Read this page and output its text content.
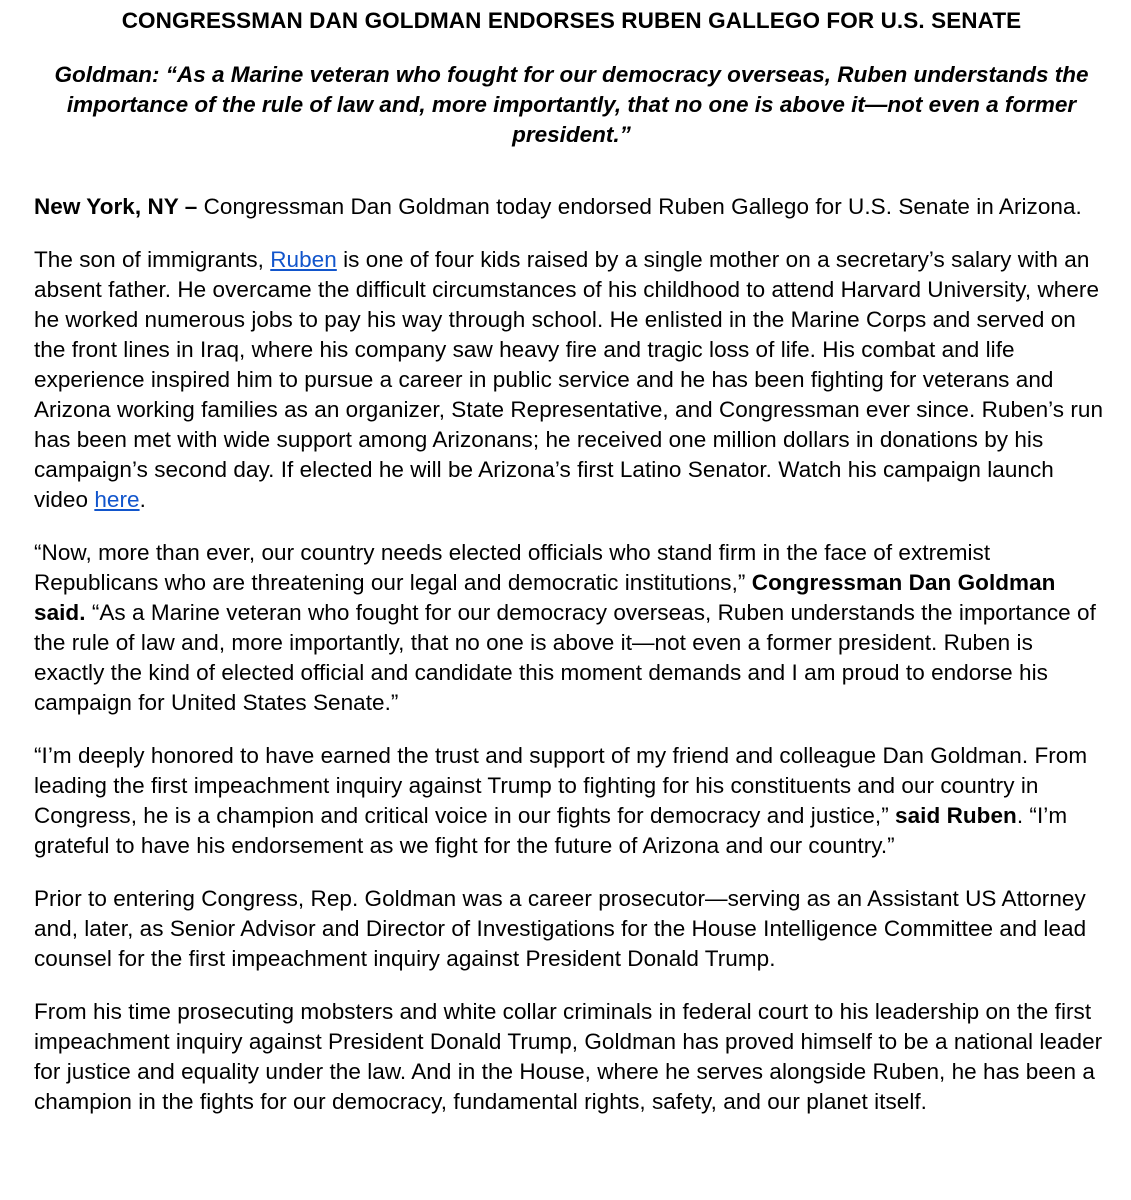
CONGRESSMAN DAN GOLDMAN ENDORSES RUBEN GALLEGO FOR U.S. SENATE

Goldman: “As a Marine veteran who fought for our democracy overseas, Ruben understands the importance of the rule of law and, more importantly, that no one is above it—not even a former president.”

New York, NY – Congressman Dan Goldman today endorsed Ruben Gallego for U.S. Senate in Arizona.

The son of immigrants, Ruben is one of four kids raised by a single mother on a secretary’s salary with an absent father. He overcame the difficult circumstances of his childhood to attend Harvard University, where he worked numerous jobs to pay his way through school. He enlisted in the Marine Corps and served on the front lines in Iraq, where his company saw heavy fire and tragic loss of life. His combat and life experience inspired him to pursue a career in public service and he has been fighting for veterans and Arizona working families as an organizer, State Representative, and Congressman ever since. Ruben’s run has been met with wide support among Arizonans; he received one million dollars in donations by his campaign’s second day. If elected he will be Arizona’s first Latino Senator. Watch his campaign launch video here.

“Now, more than ever, our country needs elected officials who stand firm in the face of extremist Republicans who are threatening our legal and democratic institutions,” Congressman Dan Goldman said. “As a Marine veteran who fought for our democracy overseas, Ruben understands the importance of the rule of law and, more importantly, that no one is above it—not even a former president. Ruben is exactly the kind of elected official and candidate this moment demands and I am proud to endorse his campaign for United States Senate.”

“I’m deeply honored to have earned the trust and support of my friend and colleague Dan Goldman. From leading the first impeachment inquiry against Trump to fighting for his constituents and our country in Congress, he is a champion and critical voice in our fights for democracy and justice,” said Ruben. “I’m grateful to have his endorsement as we fight for the future of Arizona and our country.”

Prior to entering Congress, Rep. Goldman was a career prosecutor—serving as an Assistant US Attorney and, later, as Senior Advisor and Director of Investigations for the House Intelligence Committee and lead counsel for the first impeachment inquiry against President Donald Trump.

From his time prosecuting mobsters and white collar criminals in federal court to his leadership on the first impeachment inquiry against President Donald Trump, Goldman has proved himself to be a national leader for justice and equality under the law. And in the House, where he serves alongside Ruben, he has been a champion in the fights for our democracy, fundamental rights, safety, and our planet itself.
